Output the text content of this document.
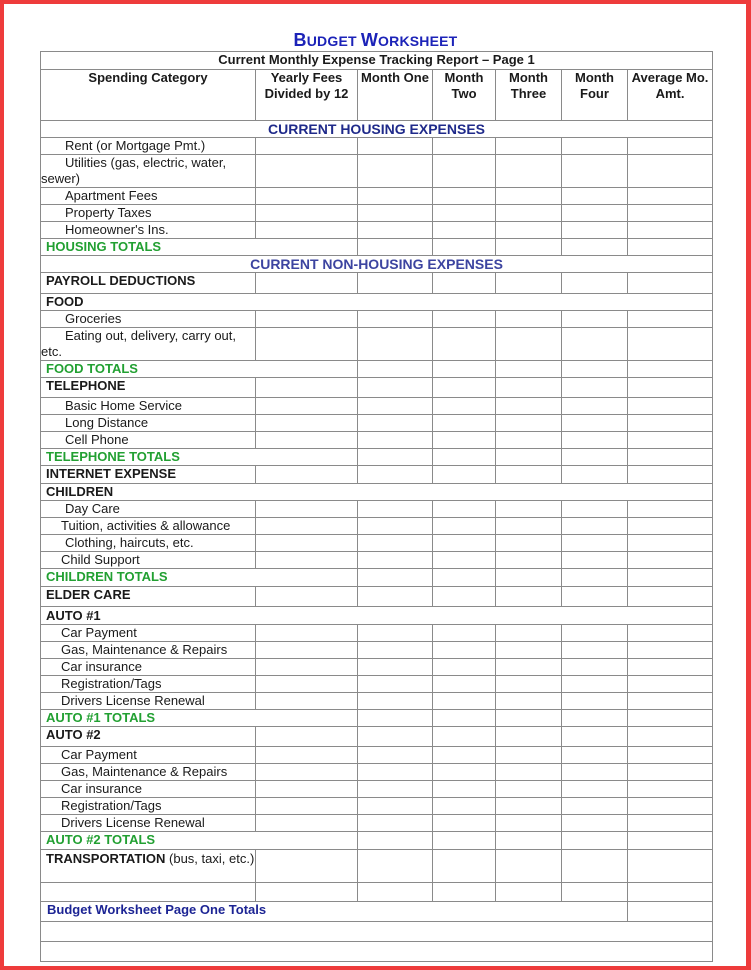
BUDGET WORKSHEET
Current Monthly Expense Tracking Report – Page 1						
Spending Category	Yearly Fees Divided by 12	Month One	Month Two	Month Three	Month Four	Average Mo. Amt.
CURRENT HOUSING EXPENSES						
Rent (or Mortgage Pmt.)						
Utilities (gas, electric, water, sewer)						
Apartment Fees						
Property Taxes						
Homeowner's Ins.						
HOUSING TOTALS						
CURRENT NON-HOUSING EXPENSES						
PAYROLL DEDUCTIONS						
FOOD						
Groceries						
Eating out, delivery, carry out, etc.						
FOOD TOTALS						
TELEPHONE						
Basic Home Service						
Long Distance						
Cell Phone						
TELEPHONE TOTALS						
INTERNET EXPENSE						
CHILDREN						
Day Care						
Tuition, activities & allowance						
Clothing, haircuts, etc.						
Child Support						
CHILDREN TOTALS						
ELDER CARE						
AUTO #1						
Car Payment						
Gas, Maintenance & Repairs						
Car insurance						
Registration/Tags						
Drivers License Renewal						
AUTO #1 TOTALS						
AUTO #2						
Car Payment						
Gas, Maintenance & Repairs						
Car insurance						
Registration/Tags						
Drivers License Renewal						
AUTO #2 TOTALS						
TRANSPORTATION (bus, taxi, etc.)						

Budget Worksheet Page One Totals						
